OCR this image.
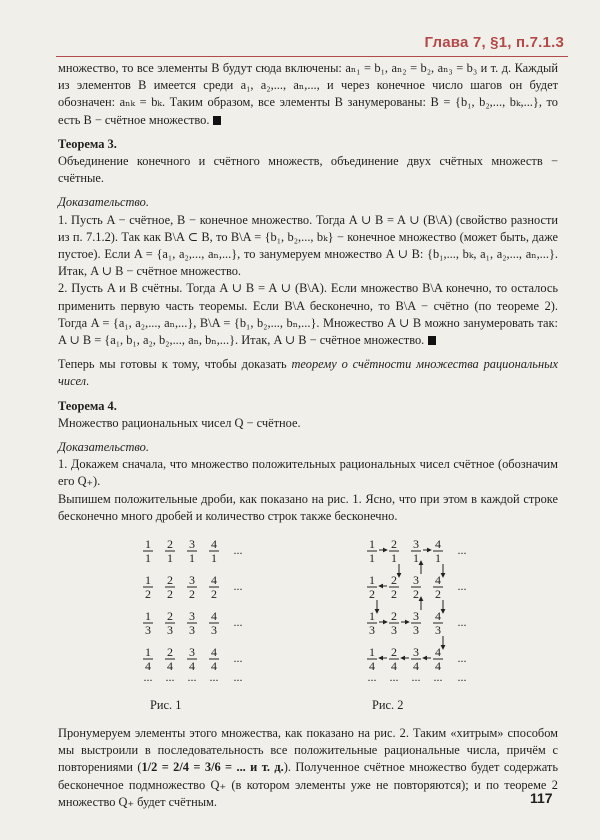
Глава 7, §1, п.7.1.3

множество, то все элементы B будут сюда включены: aₙ₁ = b₁, aₙ₂ = b₂, aₙ₃ = b₃ и т. д. Каждый из элементов B имеется среди a₁, a₂,..., aₙ,..., и через конечное число шагов он будет обозначен: aₙₖ = bₖ. Таким образом, все элементы B занумерованы: B = {b₁, b₂,..., bₖ,...}, то есть B − счётное множество.

Теорема 3.

Объединение конечного и счётного множеств, объединение двух счётных множеств − счётные.

Доказательство.

1. Пусть A − счётное, B − конечное множество. Тогда A ∪ B = A ∪ (B\A) (свойство разности из п. 7.1.2). Так как B\A ⊂ B, то B\A = {b₁, b₂,..., bₖ} − конечное множество (может быть, даже пустое). Если A = {a₁, a₂,..., aₙ,...}, то занумеруем множество A ∪ B: {b₁,..., bₖ, a₁, a₂,..., aₙ,...}. Итак, A ∪ B − счётное множество.

2. Пусть A и B счётны. Тогда A ∪ B = A ∪ (B\A). Если множество B\A конечно, то осталось применить первую часть теоремы. Если B\A бесконечно, то B\A − счётно (по теореме 2). Тогда A = {a₁, a₂,..., aₙ,...}, B\A = {b₁, b₂,..., bₙ,...}. Множество A ∪ B можно занумеровать так: A ∪ B = {a₁, b₁, a₂, b₂,..., aₙ, bₙ,...}. Итак, A ∪ B − счётное множество.

Теперь мы готовы к тому, чтобы доказать теорему о счётности множества рациональных чисел.

Теорема 4.

Множество рациональных чисел Q − счётное.

Доказательство.

1. Докажем сначала, что множество положительных рациональных чисел счётное (обозначим его Q₊).

Выпишем положительные дроби, как показано на рис. 1. Ясно, что при этом в каждой строке бесконечно много дробей и количество строк также бесконечно.

1
1
2
1
3
1
4
1
...
1
2
2
2
3
2
4
2
...
1
3
2
3
3
3
4
3
...
1
4
2
4
3
4
4
4
...
... ... ... ... ...
1
1
2
1
3
1
4
1
...
1
2
2
2
3
2
4
2
...
1
3
2
3
3
3
4
3
...
1
4
2
4
3
4
4
4
...
... ... ... ... ...
Рис. 1	Рис. 2

Пронумеруем элементы этого множества, как показано на рис. 2. Таким «хитрым» способом мы выстроили в последовательность все положительные рациональные числа, причём с повторениями (1/2 = 2/4 = 3/6 = ... и т. д.). Полученное счётное множество будет содержать бесконечное подмножество Q₊ (в котором элементы уже не повторяются); и по теореме 2 множество Q₊ будет счётным.	117
